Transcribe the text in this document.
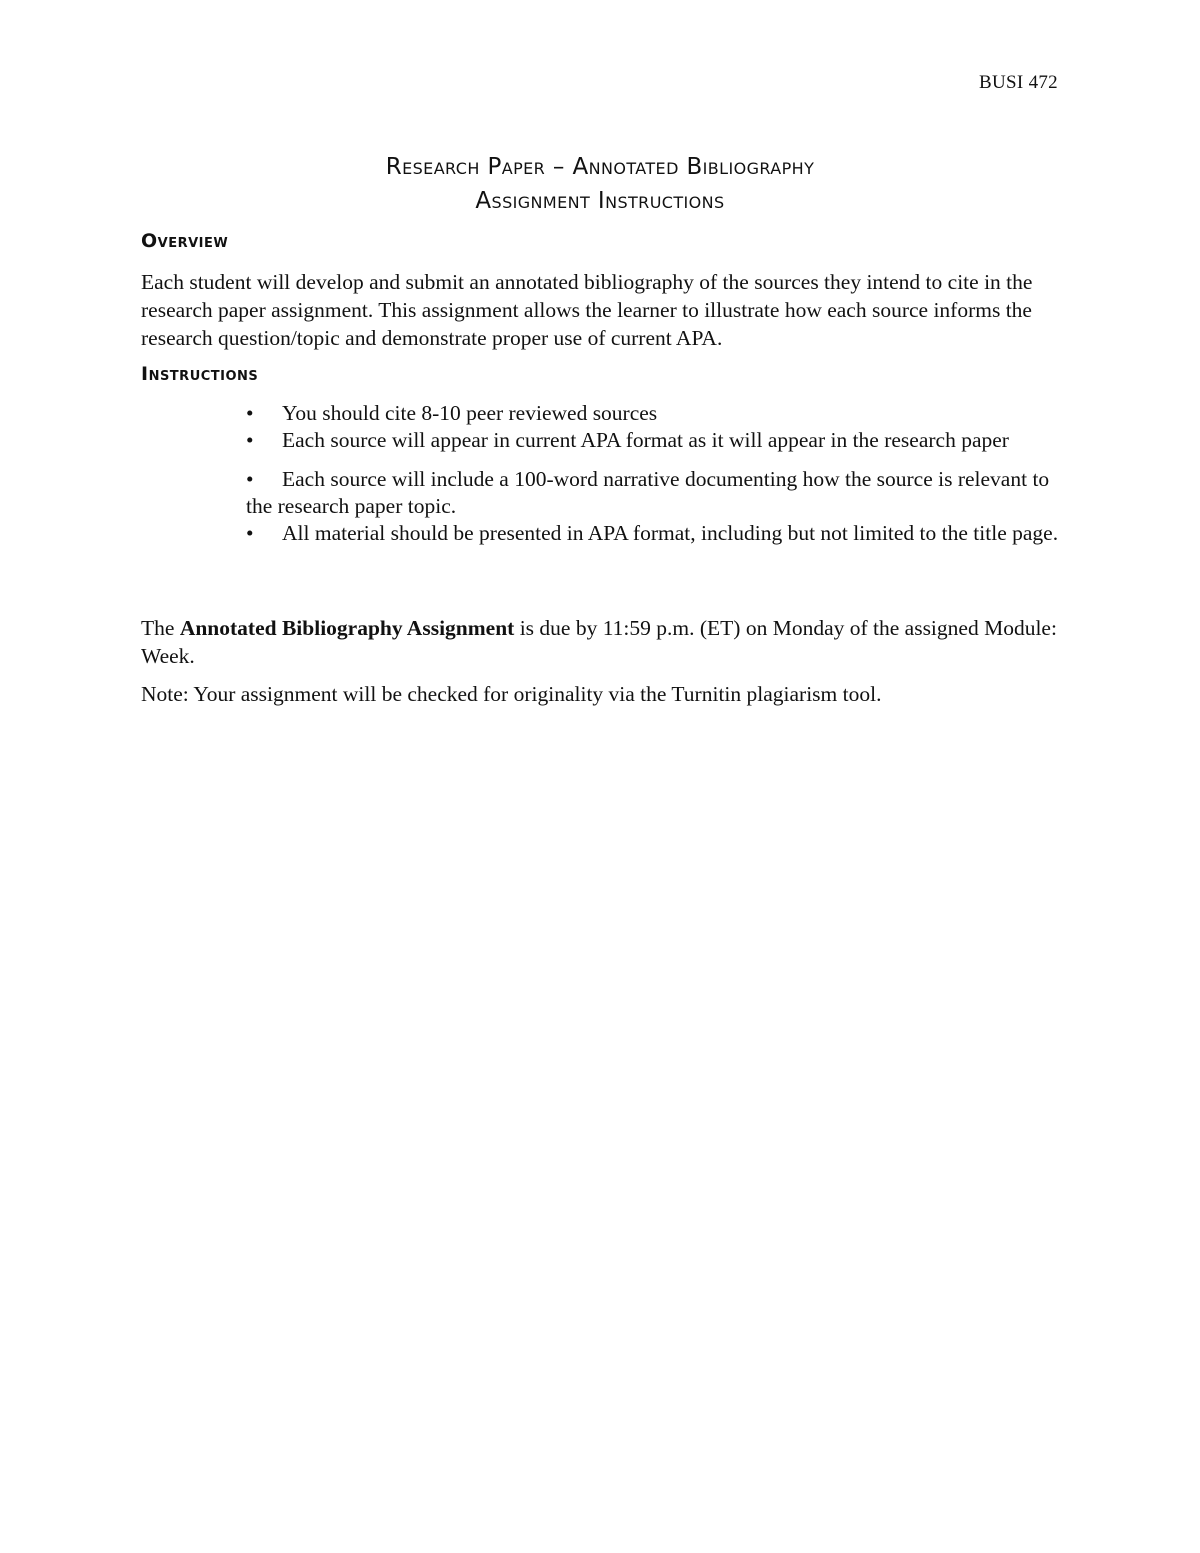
BUSI 472
Research Paper – Annotated Bibliography
Assignment Instructions
Overview
Each student will develop and submit an annotated bibliography of the sources they intend to cite in the research paper assignment. This assignment allows the learner to illustrate how each source informs the research question/topic and demonstrate proper use of current APA.
Instructions
• You should cite 8-10 peer reviewed sources
• Each source will appear in current APA format as it will appear in the research paper
• Each source will include a 100-word narrative documenting how the source is relevant to the research paper topic.
• All material should be presented in APA format, including but not limited to the title page.
The Annotated Bibliography Assignment is due by 11:59 p.m. (ET) on Monday of the assigned Module: Week.
Note: Your assignment will be checked for originality via the Turnitin plagiarism tool.
